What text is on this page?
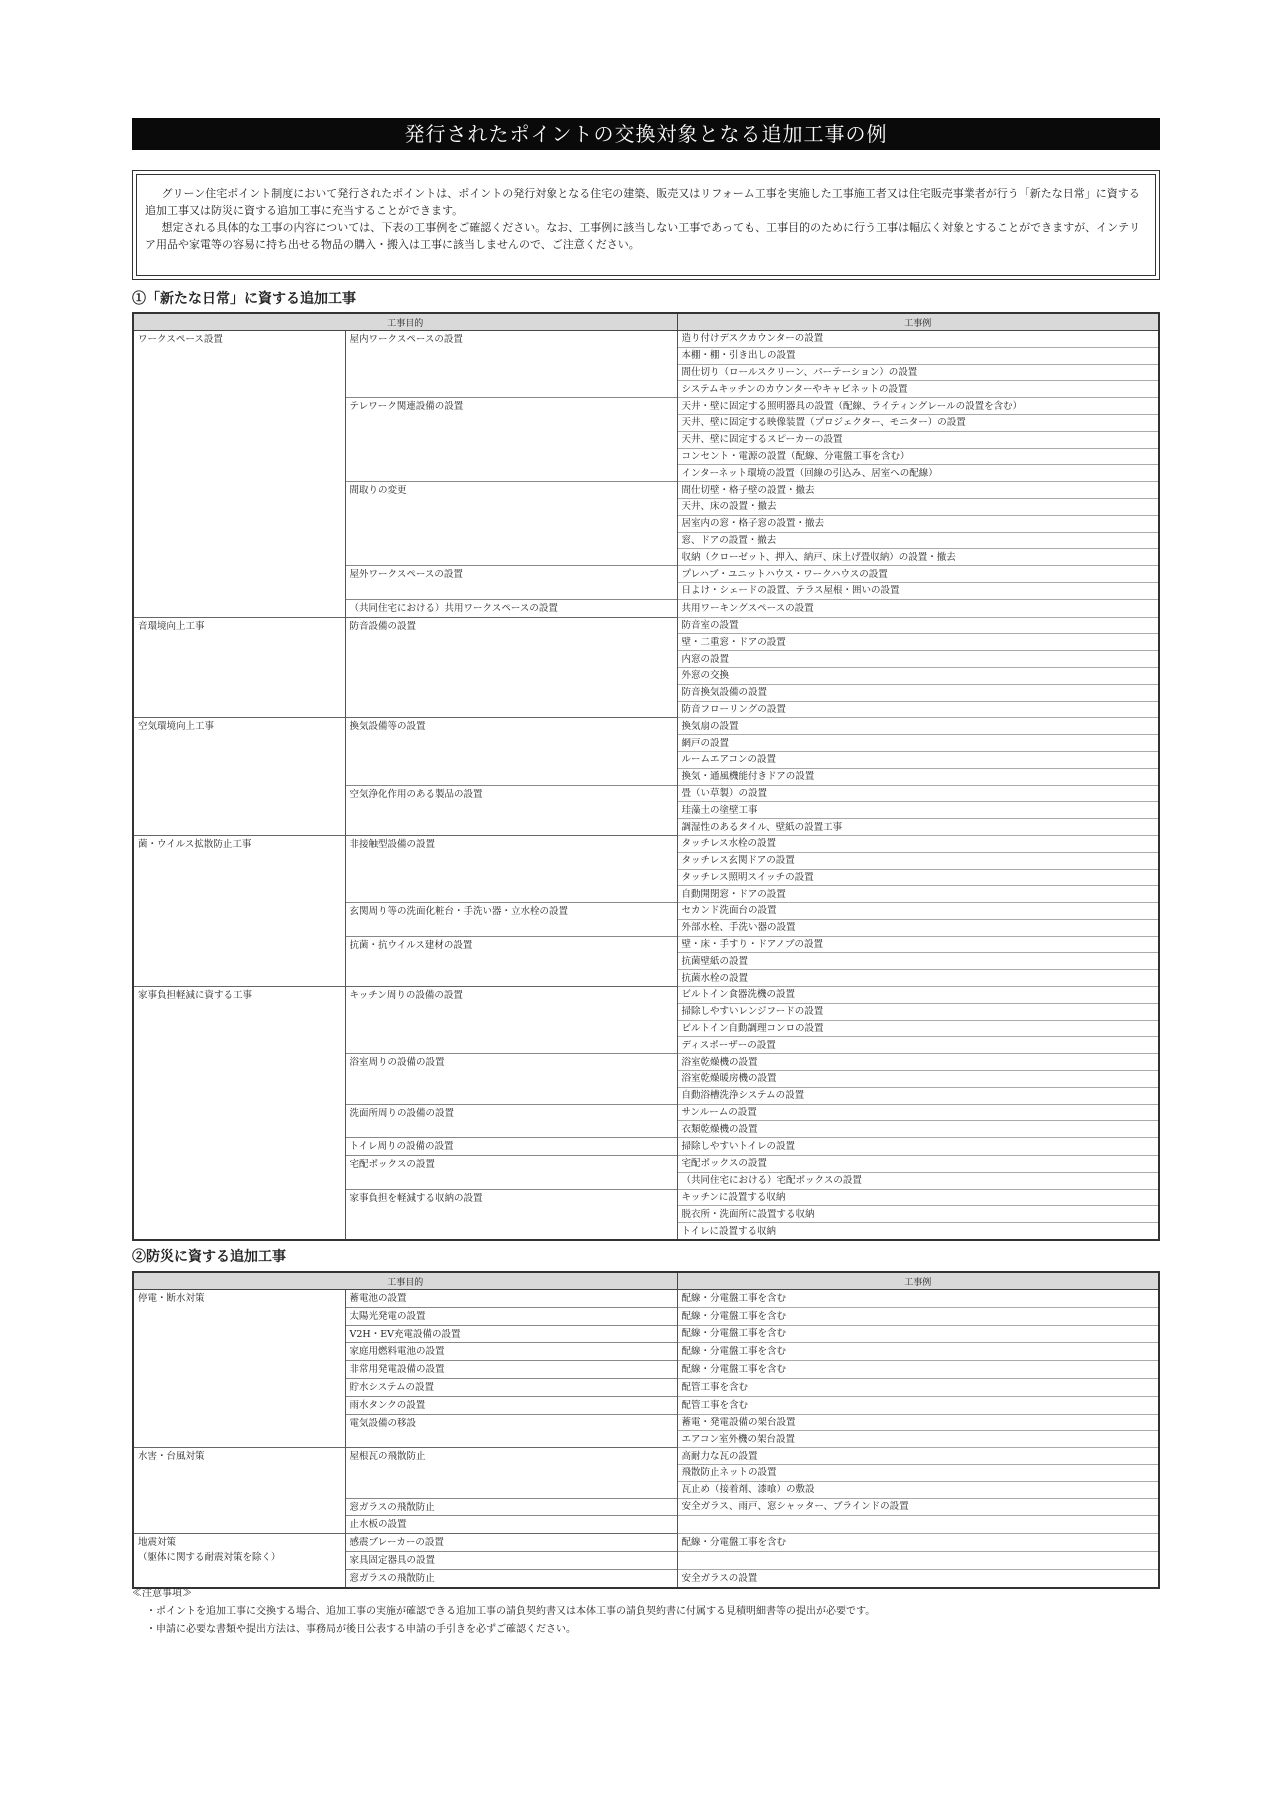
発行されたポイントの交換対象となる追加工事の例

グリーン住宅ポイント制度において発行されたポイントは、ポイントの発行対象となる住宅の建築、販売又はリフォーム工事を実施した工事施工者又は住宅販売事業者が行う「新たな日常」に資する追加工事又は防災に資する追加工事に充当することができます。

想定される具体的な工事の内容については、下表の工事例をご確認ください。なお、工事例に該当しない工事であっても、工事目的のために行う工事は幅広く対象とすることができますが、インテリア用品や家電等の容易に持ち出せる物品の購入・搬入は工事に該当しませんので、ご注意ください。

①「新たな日常」に資する追加工事
工事目的		工事例

ワークスペース設置	屋内ワークスペースの設置	造り付けデスクカウンターの設置
		本棚・棚・引き出しの設置
		間仕切り（ロールスクリーン、パーテーション）の設置
		システムキッチンのカウンターやキャビネットの設置
	テレワーク関連設備の設置	天井・壁に固定する照明器具の設置（配線、ライティングレールの設置を含む）
		天井、壁に固定する映像装置（プロジェクター、モニター）の設置
		天井、壁に固定するスピーカーの設置
		コンセント・電源の設置（配線、分電盤工事を含む）
		インターネット環境の設置（回線の引込み、居室への配線）
	間取りの変更	間仕切壁・格子壁の設置・撤去
		天井、床の設置・撤去
		居室内の窓・格子窓の設置・撤去
		窓、ドアの設置・撤去
		収納（クローゼット、押入、納戸、床上げ畳収納）の設置・撤去
	屋外ワークスペースの設置	プレハブ・ユニットハウス・ワークハウスの設置
		日よけ・シェードの設置、テラス屋根・囲いの設置
	（共同住宅における）共用ワークスペースの設置	共用ワーキングスペースの設置

音環境向上工事	防音設備の設置	防音室の設置
		壁・二重窓・ドアの設置
		内窓の設置
		外窓の交換
		防音換気設備の設置
		防音フローリングの設置

空気環境向上工事	換気設備等の設置	換気扇の設置
		網戸の設置
		ルームエアコンの設置
		換気・通風機能付きドアの設置
	空気浄化作用のある製品の設置	畳（い草製）の設置
		珪藻土の塗壁工事
		調湿性のあるタイル、壁紙の設置工事

菌・ウイルス拡散防止工事	非接触型設備の設置	タッチレス水栓の設置
		タッチレス玄関ドアの設置
		タッチレス照明スイッチの設置
		自動開閉窓・ドアの設置
	玄関周り等の洗面化粧台・手洗い器・立水栓の設置	セカンド洗面台の設置
		外部水栓、手洗い器の設置
	抗菌・抗ウイルス建材の設置	壁・床・手すり・ドアノブの設置
		抗菌壁紙の設置
		抗菌水栓の設置

家事負担軽減に資する工事	キッチン周りの設備の設置	ビルトイン食器洗機の設置
		掃除しやすいレンジフードの設置
		ビルトイン自動調理コンロの設置
		ディスポーザーの設置
	浴室周りの設備の設置	浴室乾燥機の設置
		浴室乾燥暖房機の設置
		自動浴槽洗浄システムの設置
	洗面所周りの設備の設置	サンルームの設置
		衣類乾燥機の設置
	トイレ周りの設備の設置	掃除しやすいトイレの設置
	宅配ボックスの設置	宅配ボックスの設置
		（共同住宅における）宅配ボックスの設置
	家事負担を軽減する収納の設置	キッチンに設置する収納
		脱衣所・洗面所に設置する収納
		トイレに設置する収納
②防災に資する追加工事
工事目的		工事例

停電・断水対策	蓄電池の設置	配線・分電盤工事を含む
	太陽光発電の設置	配線・分電盤工事を含む
	V2H・EV充電設備の設置	配線・分電盤工事を含む
	家庭用燃料電池の設置	配線・分電盤工事を含む
	非常用発電設備の設置	配線・分電盤工事を含む
	貯水システムの設置	配管工事を含む
	雨水タンクの設置	配管工事を含む
	電気設備の移設	蓄電・発電設備の架台設置
		エアコン室外機の架台設置

水害・台風対策	屋根瓦の飛散防止	高耐力な瓦の設置
		飛散防止ネットの設置
		瓦止め（接着剤、漆喰）の敷設
	窓ガラスの飛散防止	安全ガラス、雨戸、窓シャッター、ブラインドの設置
	止水板の設置	

地震対策
（躯体に関する耐震対策を除く）	感震ブレーカーの設置	配線・分電盤工事を含む
	家具固定器具の設置	
	窓ガラスの飛散防止	安全ガラスの設置
≪注意事項≫
・ポイントを追加工事に交換する場合、追加工事の実施が確認できる追加工事の請負契約書又は本体工事の請負契約書に付属する見積明細書等の提出が必要です。
・申請に必要な書類や提出方法は、事務局が後日公表する申請の手引きを必ずご確認ください。
